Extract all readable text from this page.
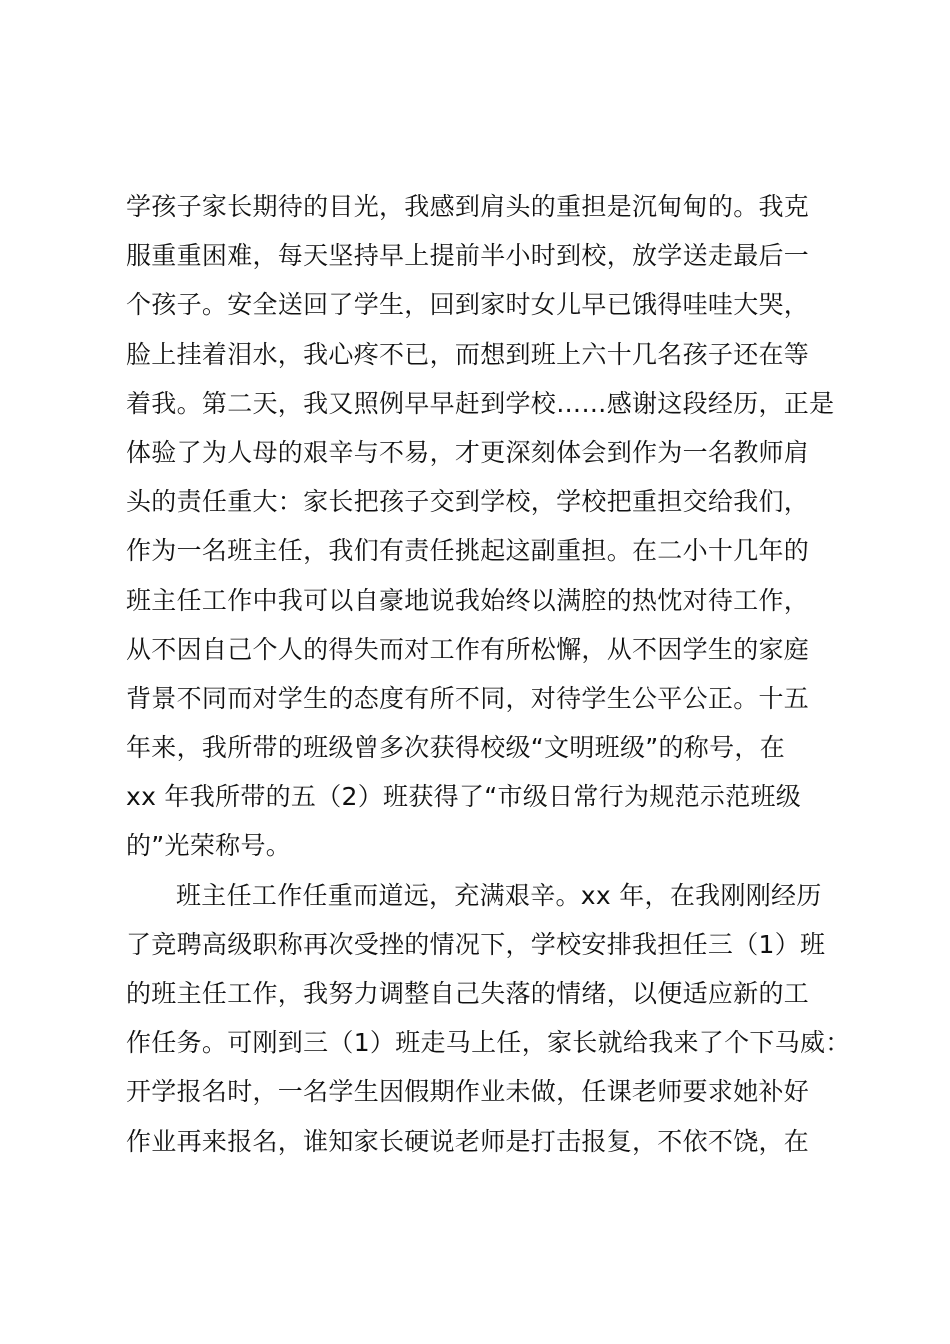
学孩子家长期待的目光，我感到肩头的重担是沉甸甸的。我克
服重重困难，每天坚持早上提前半小时到校，放学送走最后一
个孩子。安全送回了学生，回到家时女儿早已饿得哇哇大哭，
脸上挂着泪水，我心疼不已，而想到班上六十几名孩子还在等
着我。第二天，我又照例早早赶到学校……感谢这段经历，正是
体验了为人母的艰辛与不易，才更深刻体会到作为一名教师肩
头的责任重大：家长把孩子交到学校，学校把重担交给我们，
作为一名班主任，我们有责任挑起这副重担。在二小十几年的
班主任工作中我可以自豪地说我始终以满腔的热忱对待工作，
从不因自己个人的得失而对工作有所松懈，从不因学生的家庭
背景不同而对学生的态度有所不同，对待学生公平公正。十五
年来，我所带的班级曾多次获得校级“文明班级”的称号，在
xx 年我所带的五（2）班获得了“市级日常行为规范示范班级
的”光荣称号。
班主任工作任重而道远，充满艰辛。xx 年，在我刚刚经历
了竞聘高级职称再次受挫的情况下，学校安排我担任三（1）班
的班主任工作，我努力调整自己失落的情绪，以便适应新的工
作任务。可刚到三（1）班走马上任，家长就给我来了个下马威：
开学报名时，一名学生因假期作业未做，任课老师要求她补好
作业再来报名，谁知家长硬说老师是打击报复，不依不饶，在
